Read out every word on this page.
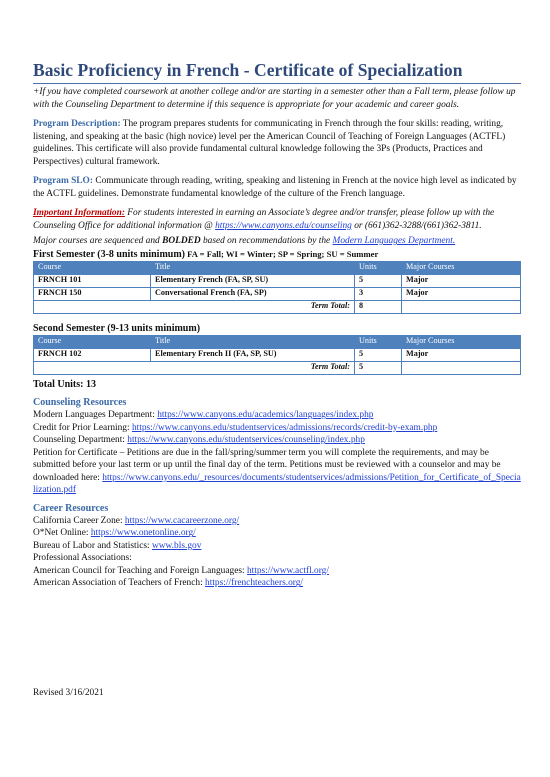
Basic Proficiency in French - Certificate of Specialization

+If you have completed coursework at another college and/or are starting in a semester other than a Fall term, please follow up with the Counseling Department to determine if this sequence is appropriate for your academic and career goals.

Program Description: The program prepares students for communicating in French through the four skills: reading, writing, listening, and speaking at the basic (high novice) level per the American Council of Teaching of Foreign Languages (ACTFL) guidelines. This certificate will also provide fundamental cultural knowledge following the 3Ps (Products, Practices and Perspectives) cultural framework.

Program SLO: Communicate through reading, writing, speaking and listening in French at the novice high level as indicated by the ACTFL guidelines. Demonstrate fundamental knowledge of the culture of the French language.

Important Information: For students interested in earning an Associate’s degree and/or transfer, please follow up with the Counseling Office for additional information @ https://www.canyons.edu/counseling or (661)362-3288/(661)362-3811.

Major courses are sequenced and BOLDED based on recommendations by the Modern Languages Department.

First Semester (3-8 units minimum) FA = Fall; WI = Winter; SP = Spring; SU = Summer
Course	Title	Units	Major Courses
FRNCH 101	Elementary French (FA, SP, SU)	5	Major
FRNCH 150	Conversational French (FA, SP)	3	Major
Term Total:		8	
Second Semester (9-13 units minimum)
Course	Title	Units	Major Courses
FRNCH 102	Elementary French II (FA, SP, SU)	5	Major
Term Total:		5	
Total Units: 13
Counseling Resources

Modern Languages Department: https://www.canyons.edu/academics/languages/index.php

Credit for Prior Learning: https://www.canyons.edu/studentservices/admissions/records/credit-by-exam.php

Counseling Department: https://www.canyons.edu/studentservices/counseling/index.php

Petition for Certificate – Petitions are due in the fall/spring/summer term you will complete the requirements, and may be submitted before your last term or up until the final day of the term. Petitions must be reviewed with a counselor and may be downloaded here: https://www.canyons.edu/_resources/documents/studentservices/admissions/Petition_for_Certificate_of_Specialization.pdf

Career Resources

California Career Zone: https://www.cacareerzone.org/

O*Net Online: https://www.onetonline.org/

Bureau of Labor and Statistics: www.bls.gov

Professional Associations:

American Council for Teaching and Foreign Languages: https://www.actfl.org/

American Association of Teachers of French: https://frenchteachers.org/

Revised 3/16/2021
